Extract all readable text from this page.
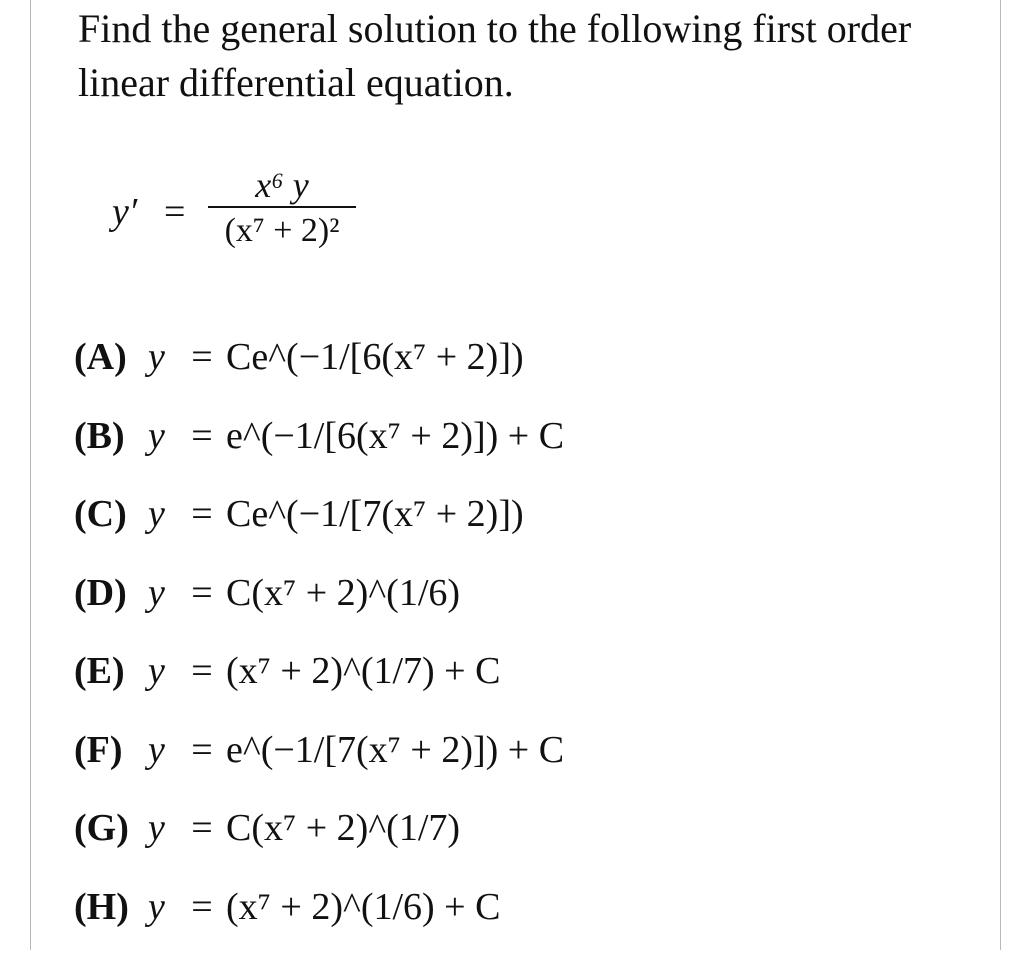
Find the general solution to the following first order linear differential equation.

y′ =
x⁶ y
(x⁷ + 2)²
(A) y = Ce^(−1/[6(x⁷ + 2)])
(B) y = e^(−1/[6(x⁷ + 2)]) + C
(C) y = Ce^(−1/[7(x⁷ + 2)])
(D) y = C(x⁷ + 2)^(1/6)
(E) y = (x⁷ + 2)^(1/7) + C
(F) y = e^(−1/[7(x⁷ + 2)]) + C
(G) y = C(x⁷ + 2)^(1/7)
(H) y = (x⁷ + 2)^(1/6) + C
